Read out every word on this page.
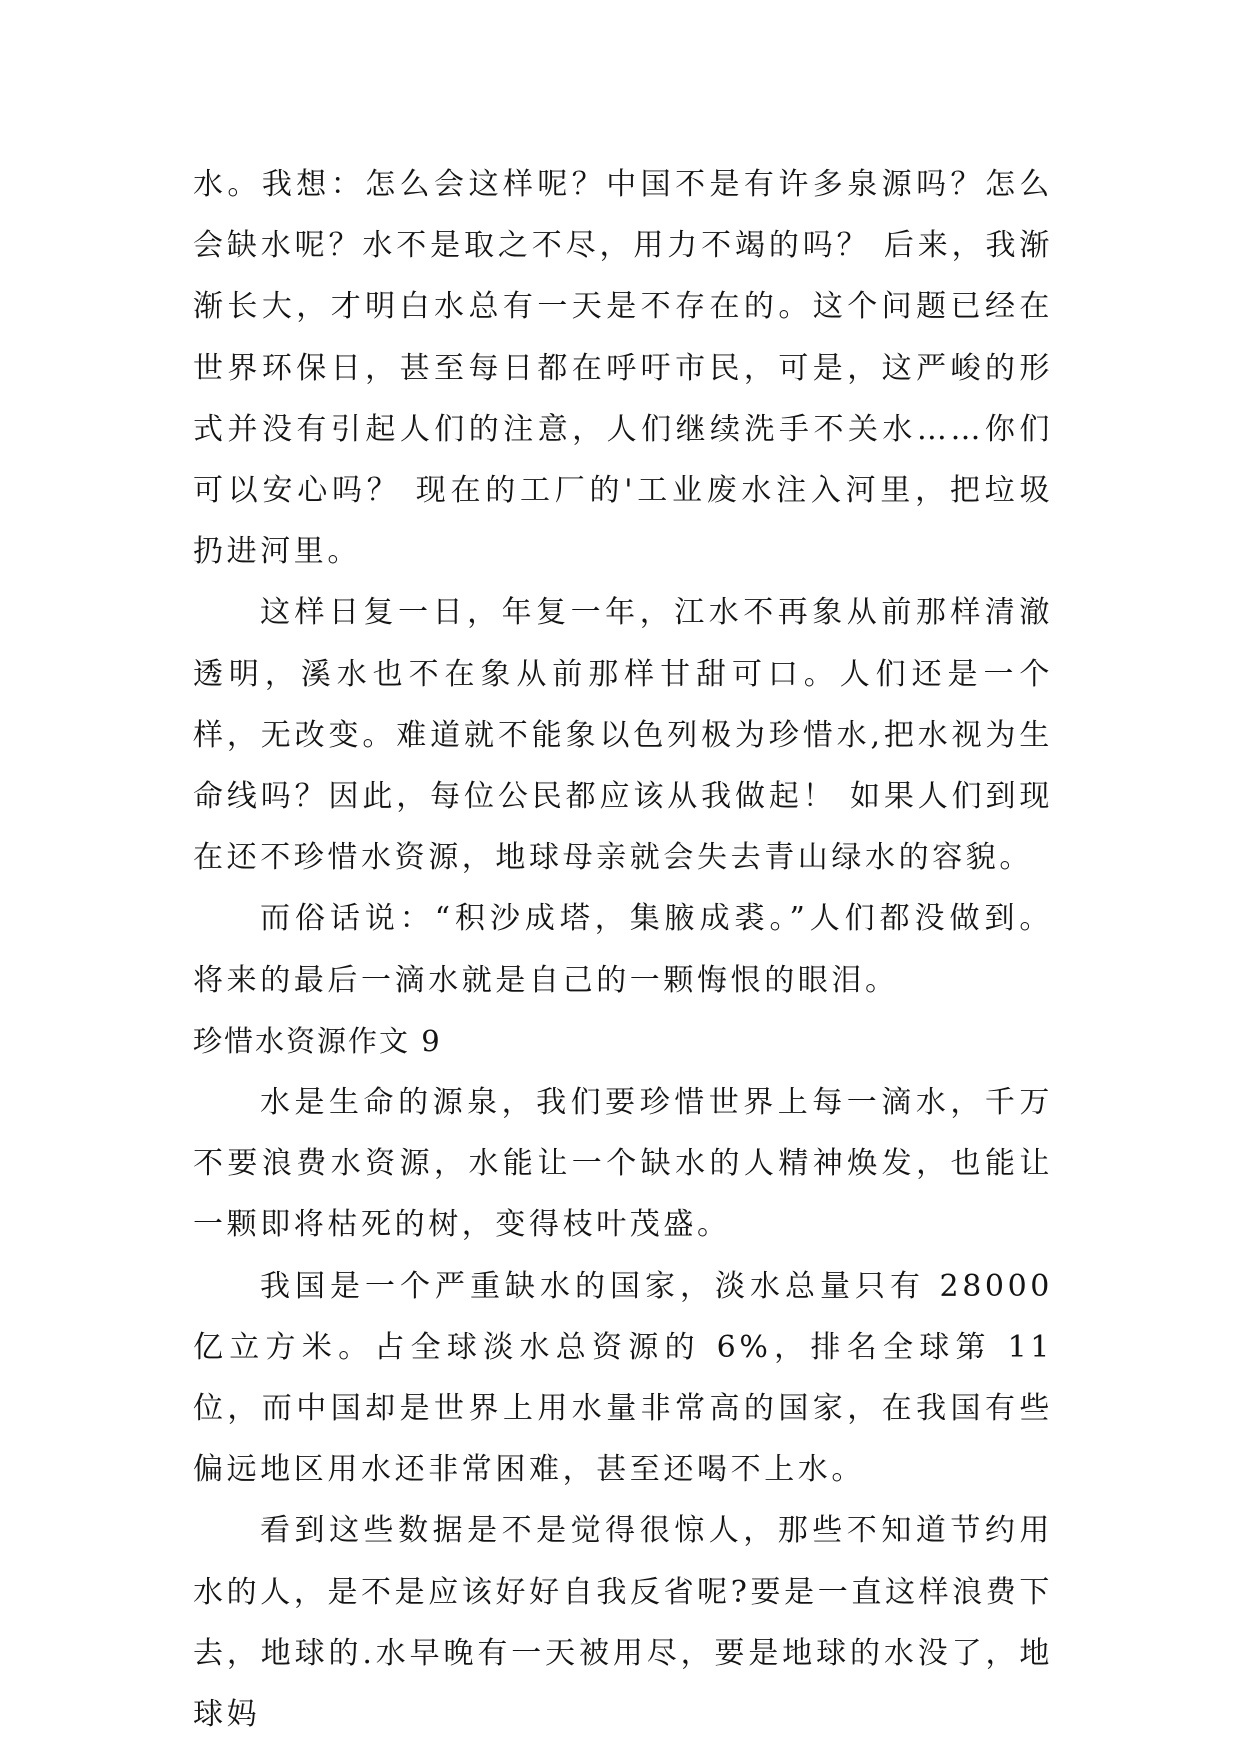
水。我想：怎么会这样呢？中国不是有许多泉源吗？怎么会缺水呢？水不是取之不尽，用力不竭的吗？ 后来，我渐渐长大，才明白水总有一天是不存在的。这个问题已经在世界环保日，甚至每日都在呼吁市民，可是，这严峻的形式并没有引起人们的注意，人们继续洗手不关水……你们可以安心吗？ 现在的工厂的'工业废水注入河里，把垃圾扔进河里。

这样日复一日，年复一年，江水不再象从前那样清澈透明，溪水也不在象从前那样甘甜可口。人们还是一个样，无改变。难道就不能象以色列极为珍惜水,把水视为生命线吗？因此，每位公民都应该从我做起！ 如果人们到现在还不珍惜水资源，地球母亲就会失去青山绿水的容貌。

而俗话说：“积沙成塔，集腋成裘。”人们都没做到。将来的最后一滴水就是自己的一颗悔恨的眼泪。

珍惜水资源作文 9

水是生命的源泉，我们要珍惜世界上每一滴水，千万不要浪费水资源，水能让一个缺水的人精神焕发，也能让一颗即将枯死的树，变得枝叶茂盛。

我国是一个严重缺水的国家，淡水总量只有 28000 亿立方米。占全球淡水总资源的 6%，排名全球第 11 位，而中国却是世界上用水量非常高的国家，在我国有些偏远地区用水还非常困难，甚至还喝不上水。

看到这些数据是不是觉得很惊人，那些不知道节约用水的人，是不是应该好好自我反省呢?要是一直这样浪费下去，地球的.水早晚有一天被用尽，要是地球的水没了，地球妈
